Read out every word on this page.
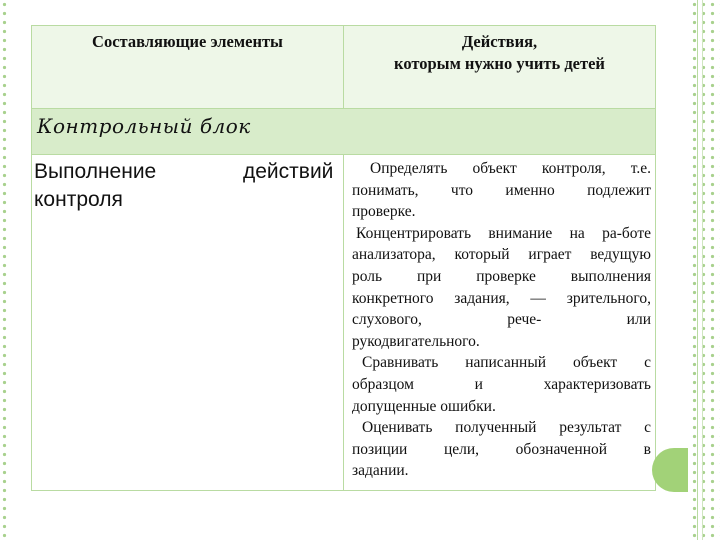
Составляющие элементы	Действия,
которым нужно учить детей
Контрольный блок
Выполнение	действий
контроля
Определять объект контроля, т.е.
понимать, что именно подлежит
проверке.
Концентрировать внимание на ра-боте
анализатора, который играет ведущую
роль при проверке выполнения
конкретного задания, — зрительного,
слухового, рече- или
рукодвигательного.
Сравнивать написанный объект с
образцом и характеризовать
допущенные ошибки.
Оценивать полученный результат с
позиции цели, обозначенной в
задании.
